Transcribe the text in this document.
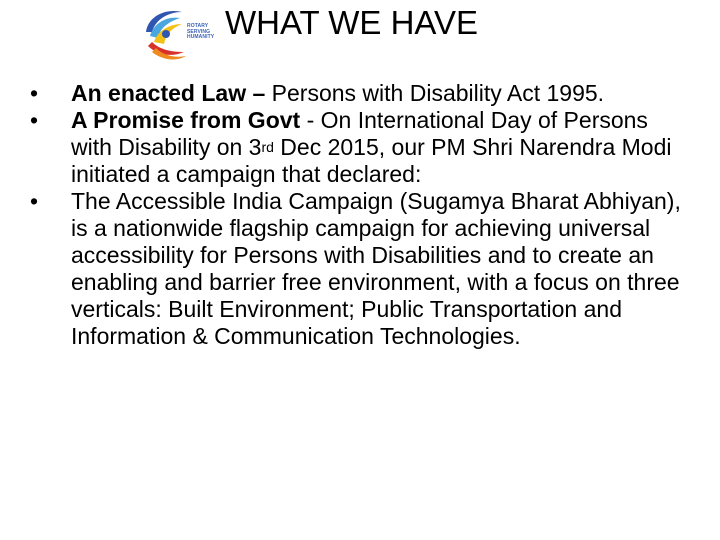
ROTARY
SERVING
HUMANITY WHAT WE HAVE
•	An enacted Law – Persons with Disability Act 1995.
•	A Promise from Govt - On International Day of Persons with Disability on 3rd Dec 2015, our PM Shri Narendra Modi initiated a campaign that declared:
•	The Accessible India Campaign (Sugamya Bharat Abhiyan), is a nationwide flagship campaign for achieving universal accessibility for Persons with Disabilities and to create an enabling and barrier free environment, with a focus on three verticals: Built Environment; Public Transportation and Information & Communication Technologies.
